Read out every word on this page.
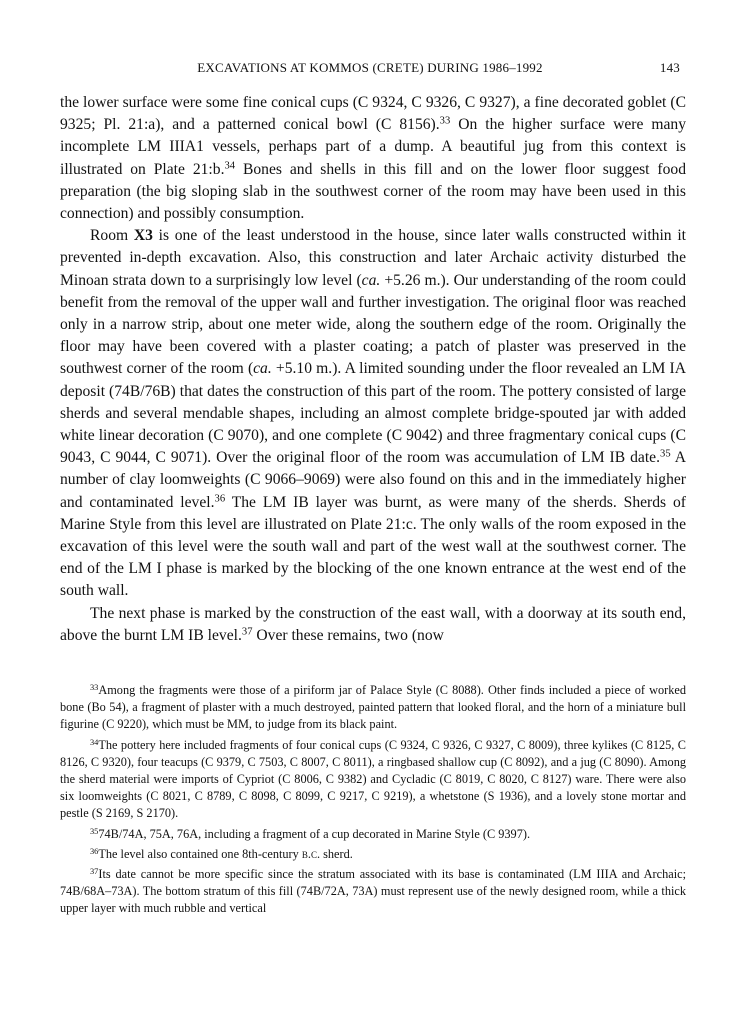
EXCAVATIONS AT KOMMOS (CRETE) DURING 1986–1992	143

the lower surface were some fine conical cups (C 9324, C 9326, C 9327), a fine decorated goblet (C 9325; Pl. 21:a), and a patterned conical bowl (C 8156).$^{33}$ On the higher surface were many incomplete LM IIIA1 vessels, perhaps part of a dump. A beautiful jug from this context is illustrated on Plate 21:b.$^{34}$ Bones and shells in this fill and on the lower floor suggest food preparation (the big sloping slab in the southwest corner of the room may have been used in this connection) and possibly consumption.

Room X3 is one of the least understood in the house, since later walls constructed within it prevented in-depth excavation. Also, this construction and later Archaic activity disturbed the Minoan strata down to a surprisingly low level (ca. +5.26 m.). Our understanding of the room could benefit from the removal of the upper wall and further investigation. The original floor was reached only in a narrow strip, about one meter wide, along the southern edge of the room. Originally the floor may have been covered with a plaster coating; a patch of plaster was preserved in the southwest corner of the room (ca. +5.10 m.). A limited sounding under the floor revealed an LM IA deposit (74B/76B) that dates the construction of this part of the room. The pottery consisted of large sherds and several mendable shapes, including an almost complete bridge-spouted jar with added white linear decoration (C 9070), and one complete (C 9042) and three fragmentary conical cups (C 9043, C 9044, C 9071). Over the original floor of the room was accumulation of LM IB date.$^{35}$ A number of clay loomweights (C 9066–9069) were also found on this and in the immediately higher and contaminated level.$^{36}$ The LM IB layer was burnt, as were many of the sherds. Sherds of Marine Style from this level are illustrated on Plate 21:c. The only walls of the room exposed in the excavation of this level were the south wall and part of the west wall at the southwest corner. The end of the LM I phase is marked by the blocking of the one known entrance at the west end of the south wall.

The next phase is marked by the construction of the east wall, with a doorway at its south end, above the burnt LM IB level.$^{37}$ Over these remains, two (now

$^{33}$Among the fragments were those of a piriform jar of Palace Style (C 8088). Other finds included a piece of worked bone (Bo 54), a fragment of plaster with a much destroyed, painted pattern that looked floral, and the horn of a miniature bull figurine (C 9220), which must be MM, to judge from its black paint.

$^{34}$The pottery here included fragments of four conical cups (C 9324, C 9326, C 9327, C 8009), three kylikes (C 8125, C 8126, C 9320), four teacups (C 9379, C 7503, C 8007, C 8011), a ringbased shallow cup (C 8092), and a jug (C 8090). Among the sherd material were imports of Cypriot (C 8006, C 9382) and Cycladic (C 8019, C 8020, C 8127) ware. There were also six loomweights (C 8021, C 8789, C 8098, C 8099, C 9217, C 9219), a whetstone (S 1936), and a lovely stone mortar and pestle (S 2169, S 2170).

$^{35}$74B/74A, 75A, 76A, including a fragment of a cup decorated in Marine Style (C 9397).

$^{36}$The level also contained one 8th-century b.c. sherd.

$^{37}$Its date cannot be more specific since the stratum associated with its base is contaminated (LM IIIA and Archaic; 74B/68A–73A). The bottom stratum of this fill (74B/72A, 73A) must represent use of the newly designed room, while a thick upper layer with much rubble and vertical
